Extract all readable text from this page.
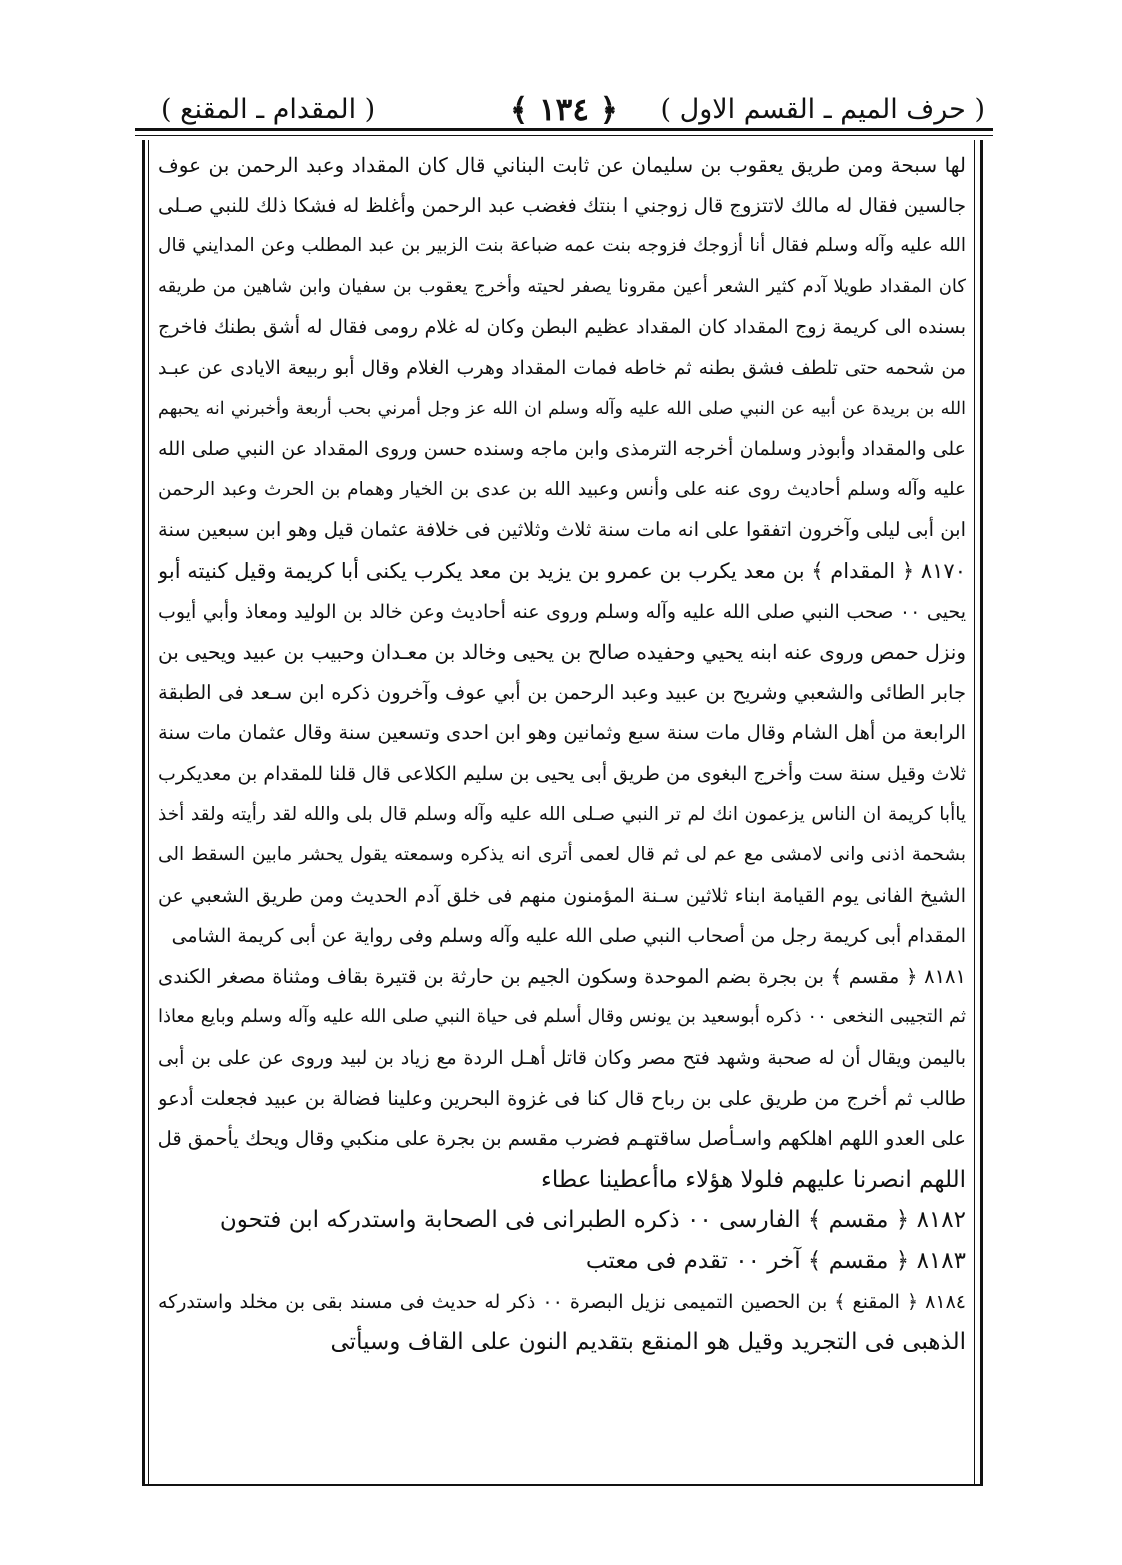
( حرف الميم ـ القسم الاول )
﴿ ١٣٤ ﴾
( المقدام ـ المقنع )
لها سبحة ومن طريق يعقوب بن سليمان عن ثابت البناني قال كان المقداد وعبد الرحمن بن عوف
جالسين فقال له مالك لاتتزوج قال زوجني ا بنتك فغضب عبد الرحمن وأغلظ له فشكا ذلك للنبي صـلى
الله عليه وآله وسلم فقال أنا أزوجك فزوجه بنت عمه ضباعة بنت الزبير بن عبد المطلب وعن المدايني قال
كان المقداد طويلا آدم كثير الشعر أعين مقرونا يصفر لحيته وأخرج يعقوب بن سفيان وابن شاهين من طريقه
بسنده الى كريمة زوج المقداد كان المقداد عظيم البطن وكان له غلام رومى فقال له أشق بطنك فاخرج
من شحمه حتى تلطف فشق بطنه ثم خاطه فمات المقداد وهرب الغلام وقال أبو ربيعة الايادى عن عبـد
الله بن بريدة عن أبيه عن النبي صلى الله عليه وآله وسلم ان الله عز وجل أمرني بحب أربعة وأخبرني انه يحبهم
على والمقداد وأبوذر وسلمان أخرجه الترمذى وابن ماجه وسنده حسن وروى المقداد عن النبي صلى الله
عليه وآله وسلم أحاديث روى عنه على وأنس وعبيد الله بن عدى بن الخيار وهمام بن الحرث وعبد الرحمن
ابن أبى ليلى وآخرون اتفقوا على انه مات سنة ثلاث وثلاثين فى خلافة عثمان قيل وهو ابن سبعين سنة
٨١٧٠ ﴿ المقدام ﴾ بن معد يكرب بن عمرو بن يزيد بن معد يكرب يكنى أبا كريمة وقيل كنيته أبو
يحيى ٠٠ صحب النبي صلى الله عليه وآله وسلم وروى عنه أحاديث وعن خالد بن الوليد ومعاذ وأبي أيوب
ونزل حمص وروى عنه ابنه يحيي وحفيده صالح بن يحيى وخالد بن معـدان وحبيب بن عبيد ويحيى بن
جابر الطائى والشعبي وشريح بن عبيد وعبد الرحمن بن أبي عوف وآخرون ذكره ابن سـعد فى الطبقة
الرابعة من أهل الشام وقال مات سنة سبع وثمانين وهو ابن احدى وتسعين سنة وقال عثمان مات سنة
ثلاث وقيل سنة ست وأخرج البغوى من طريق أبى يحيى بن سليم الكلاعى قال قلنا للمقدام بن معديكرب
ياأبا كريمة ان الناس يزعمون انك لم تر النبي صـلى الله عليه وآله وسلم قال بلى والله لقد رأيته ولقد أخذ
بشحمة اذنى وانى لامشى مع عم لى ثم قال لعمى أترى انه يذكره وسمعته يقول يحشر مابين السقط الى
الشيخ الفانى يوم القيامة ابناء ثلاثين سـنة المؤمنون منهم فى خلق آدم الحديث ومن طريق الشعبي عن
المقدام أبى كريمة رجل من أصحاب النبي صلى الله عليه وآله وسلم وفى رواية عن أبى كريمة الشامى
٨١٨١ ﴿ مقسم ﴾ بن بجرة بضم الموحدة وسكون الجيم بن حارثة بن قتيرة بقاف ومثناة مصغر الكندى
ثم التجيبى النخعى ٠٠ ذكره أبوسعيد بن يونس وقال أسلم فى حياة النبي صلى الله عليه وآله وسلم وبايع معاذا
باليمن ويقال أن له صحبة وشهد فتح مصر وكان قاتل أهـل الردة مع زياد بن لبيد وروى عن على بن أبى
طالب ثم أخرج من طريق على بن رباح قال كنا فى غزوة البحرين وعلينا فضالة بن عبيد فجعلت أدعو
على العدو اللهم اهلكهم واسـأصل ساقتهـم فضرب مقسم بن بجرة على منكبي وقال ويحك يأحمق قل
اللهم انصرنا عليهم فلولا هؤلاء ماأعطينا عطاء
٨١٨٢ ﴿ مقسم ﴾ الفارسى ٠٠ ذكره الطبرانى فى الصحابة واستدركه ابن فتحون
٨١٨٣ ﴿ مقسم ﴾ آخر ٠٠ تقدم فى معتب
٨١٨٤ ﴿ المقنع ﴾ بن الحصين التميمى نزيل البصرة ٠٠ ذكر له حديث فى مسند بقى بن مخلد واستدركه
الذهبى فى التجريد وقيل هو المنقع بتقديم النون على القاف وسيأتى
